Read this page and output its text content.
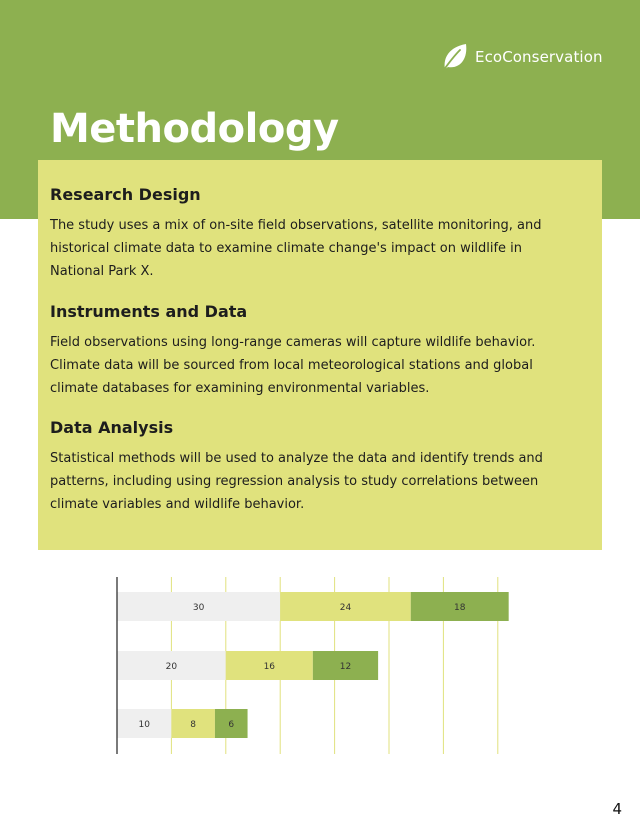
EcoConservation
Methodology
Research Design

The study uses a mix of on-site field observations, satellite monitoring, and historical climate data to examine climate change's impact on wildlife in National Park X.

Instruments and Data

Field observations using long-range cameras will capture wildlife behavior. Climate data will be sourced from local meteorological stations and global climate databases for examining environmental variables.

Data Analysis

Statistical methods will be used to analyze the data and identify trends and patterns, including using regression analysis to study correlations between climate variables and wildlife behavior.

30	24	18
20	16	12
10	8	6
4
